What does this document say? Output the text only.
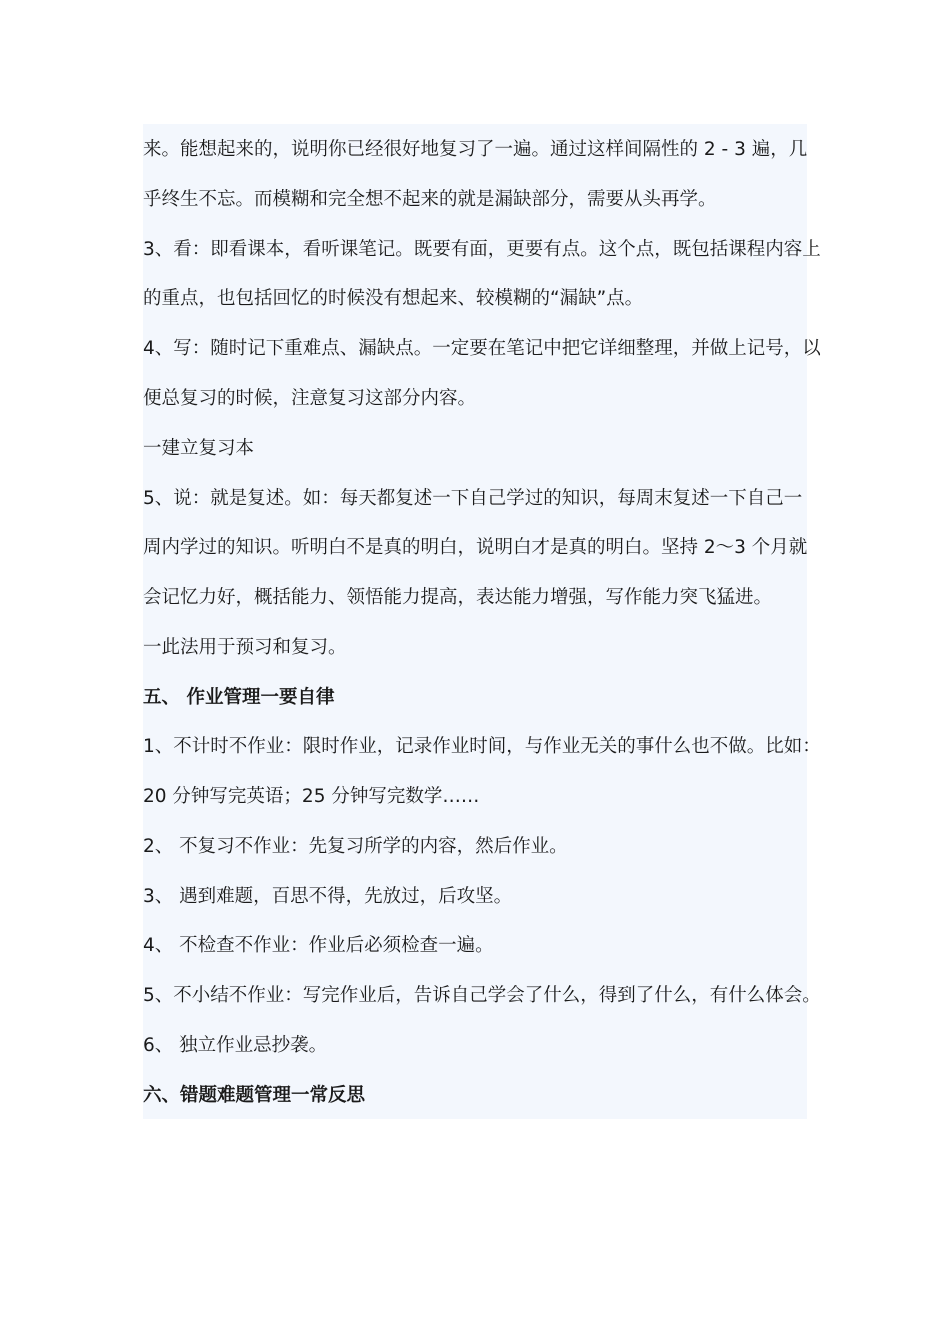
来。能想起来的，说明你已经很好地复习了一遍。通过这样间隔性的 2 - 3 遍，几
乎终生不忘。而模糊和完全想不起来的就是漏缺部分，需要从头再学。
3、看：即看课本，看听课笔记。既要有面，更要有点。这个点，既包括课程内容上
的重点，也包括回忆的时候没有想起来、较模糊的“漏缺”点。
4、写：随时记下重难点、漏缺点。一定要在笔记中把它详细整理，并做上记号，以
便总复习的时候，注意复习这部分内容。
一建立复习本
5、说：就是复述。如：每天都复述一下自己学过的知识，每周末复述一下自己一
周内学过的知识。听明白不是真的明白，说明白才是真的明白。坚持 2～3 个月就
会记忆力好，概括能力、领悟能力提高，表达能力增强，写作能力突飞猛进。
一此法用于预习和复习。
五、 作业管理一要自律
1、不计时不作业：限时作业，记录作业时间，与作业无关的事什么也不做。比如：
20 分钟写完英语；25 分钟写完数学……
2、 不复习不作业：先复习所学的内容，然后作业。
3、 遇到难题，百思不得，先放过，后攻坚。
4、 不检查不作业：作业后必须检查一遍。
5、不小结不作业：写完作业后，告诉自己学会了什么，得到了什么，有什么体会。
6、 独立作业忌抄袭。
六、错题难题管理一常反思
